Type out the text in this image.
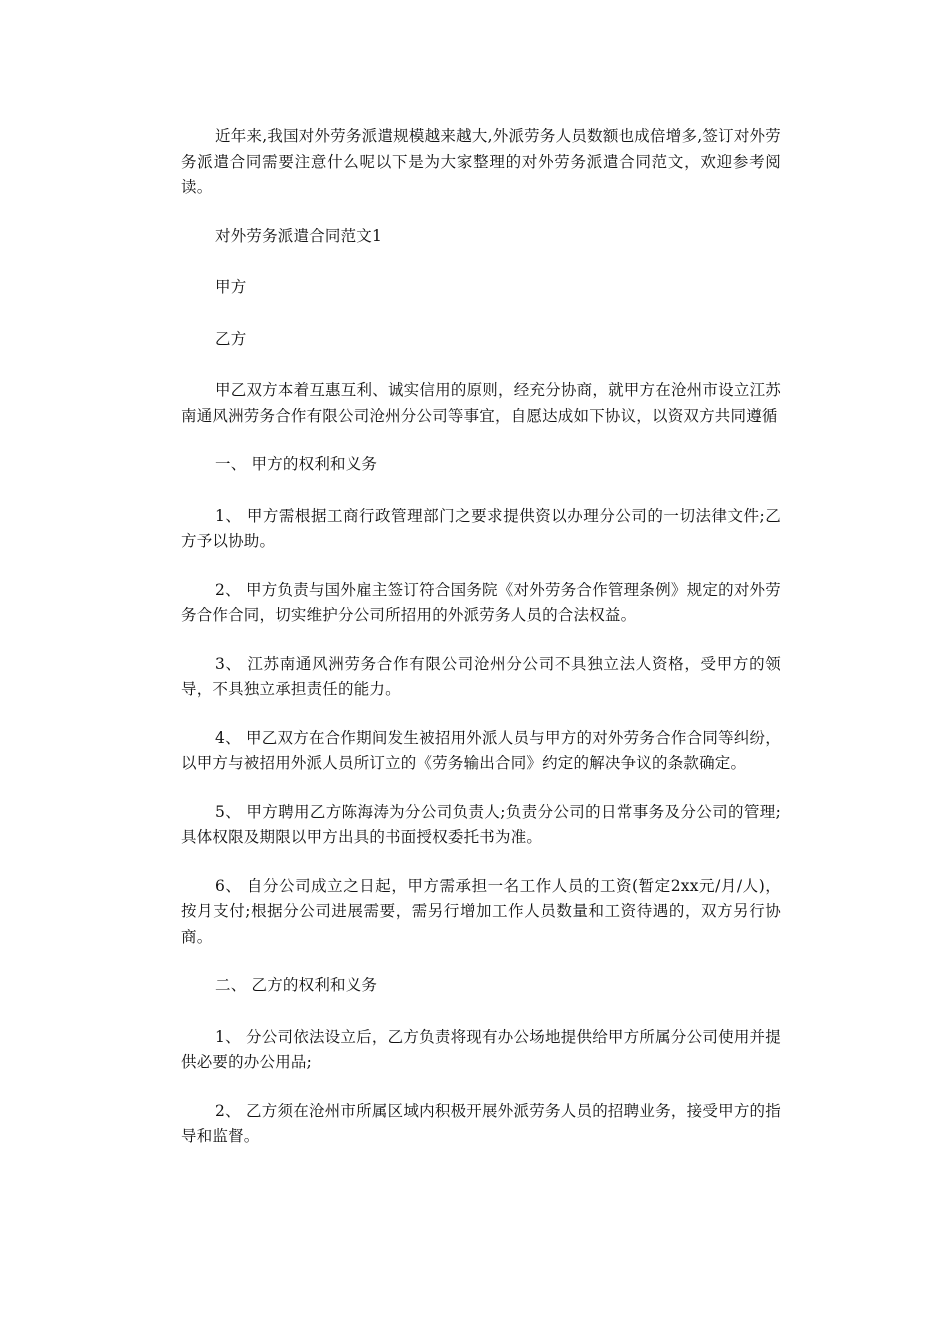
近年来,我国对外劳务派遣规模越来越大,外派劳务人员数额也成倍增多,签订对外劳务派遣合同需要注意什么呢以下是为大家整理的对外劳务派遣合同范文，欢迎参考阅读。

对外劳务派遣合同范文1

甲方

乙方

甲乙双方本着互惠互利、诚实信用的原则，经充分协商，就甲方在沧州市设立江苏南通风洲劳务合作有限公司沧州分公司等事宜，自愿达成如下协议，以资双方共同遵循

一、 甲方的权利和义务

1、 甲方需根据工商行政管理部门之要求提供资以办理分公司的一切法律文件;乙方予以协助。

2、 甲方负责与国外雇主签订符合国务院《对外劳务合作管理条例》规定的对外劳务合作合同，切实维护分公司所招用的外派劳务人员的合法权益。

3、 江苏南通风洲劳务合作有限公司沧州分公司不具独立法人资格，受甲方的领导，不具独立承担责任的能力。

4、 甲乙双方在合作期间发生被招用外派人员与甲方的对外劳务合作合同等纠纷，以甲方与被招用外派人员所订立的《劳务输出合同》约定的解决争议的条款确定。

5、 甲方聘用乙方陈海涛为分公司负责人;负责分公司的日常事务及分公司的管理;具体权限及期限以甲方出具的书面授权委托书为准。

6、 自分公司成立之日起，甲方需承担一名工作人员的工资(暂定2xx元/月/人)，按月支付;根据分公司进展需要，需另行增加工作人员数量和工资待遇的，双方另行协商。

二、 乙方的权利和义务

1、 分公司依法设立后，乙方负责将现有办公场地提供给甲方所属分公司使用并提供必要的办公用品;

2、 乙方须在沧州市所属区域内积极开展外派劳务人员的招聘业务，接受甲方的指导和监督。
